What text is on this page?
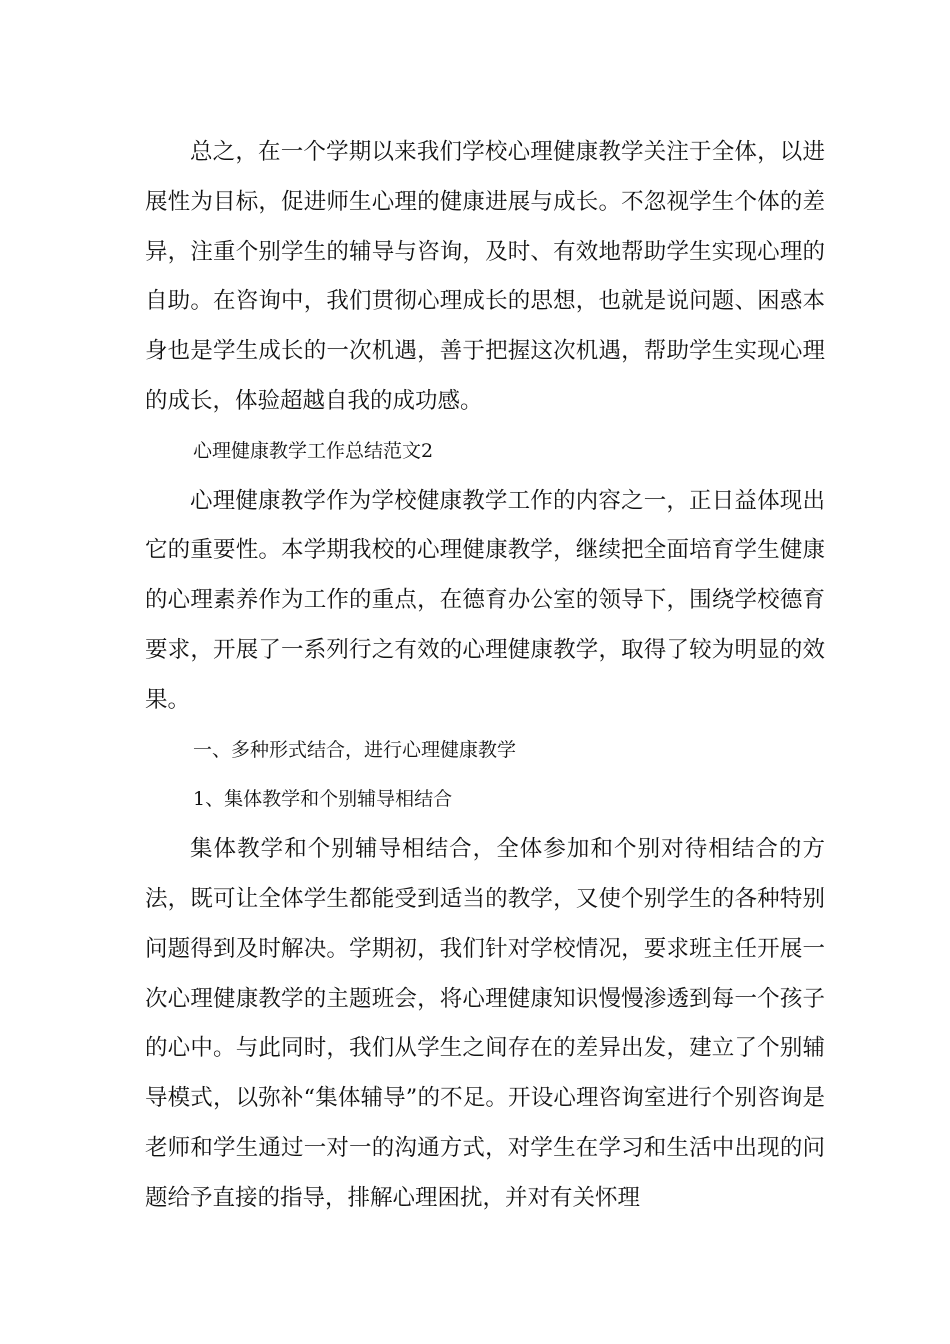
总之，在一个学期以来我们学校心理健康教学关注于全体，以进展性为目标，促进师生心理的健康进展与成长。不忽视学生个体的差异，注重个别学生的辅导与咨询，及时、有效地帮助学生实现心理的自助。在咨询中，我们贯彻心理成长的思想，也就是说问题、困惑本身也是学生成长的一次机遇，善于把握这次机遇，帮助学生实现心理的成长，体验超越自我的成功感。

心理健康教学工作总结范文2

心理健康教学作为学校健康教学工作的内容之一，正日益体现出它的重要性。本学期我校的心理健康教学，继续把全面培育学生健康的心理素养作为工作的重点，在德育办公室的领导下，围绕学校德育要求，开展了一系列行之有效的心理健康教学，取得了较为明显的效果。

一、多种形式结合，进行心理健康教学

1、集体教学和个别辅导相结合

集体教学和个别辅导相结合，全体参加和个别对待相结合的方法，既可让全体学生都能受到适当的教学，又使个别学生的各种特别问题得到及时解决。学期初，我们针对学校情况，要求班主任开展一次心理健康教学的主题班会，将心理健康知识慢慢渗透到每一个孩子的心中。与此同时，我们从学生之间存在的差异出发，建立了个别辅导模式，以弥补“集体辅导”的不足。开设心理咨询室进行个别咨询是老师和学生通过一对一的沟通方式，对学生在学习和生活中出现的问题给予直接的指导，排解心理困扰，并对有关怀理
